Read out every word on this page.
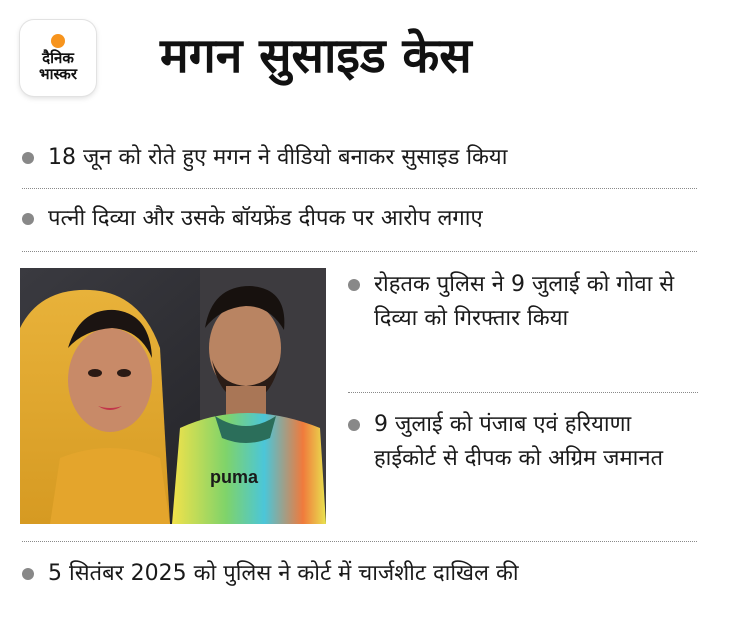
दैनिक
भास्कर मगन सुसाइड केस
18 जून को रोते हुए मगन ने वीडियो बनाकर सुसाइड किया
पत्नी दिव्या और उसके बॉयफ्रेंड दीपक पर आरोप लगाए
puma
रोहतक पुलिस ने 9 जुलाई को गोवा से दिव्या को गिरफ्तार किया
9 जुलाई को पंजाब एवं हरियाणा हाईकोर्ट से दीपक को अग्रिम जमानत
5 सितंबर 2025 को पुलिस ने कोर्ट में चार्जशीट दाखिल की
